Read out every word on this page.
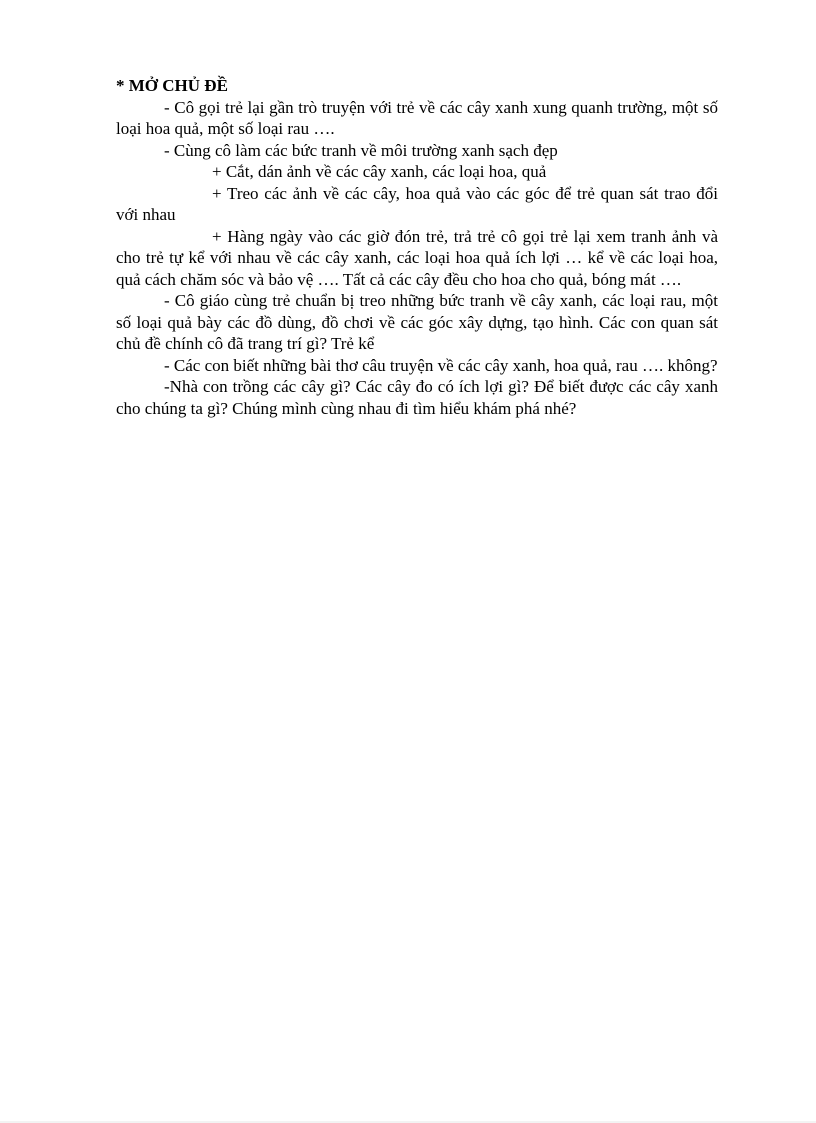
* MỞ CHỦ ĐỀ

- Cô gọi trẻ lại gần trò truyện với trẻ về các cây xanh xung quanh trường, một số loại hoa quả, một số loại rau ….

- Cùng cô làm các bức tranh về môi trường xanh sạch đẹp

+ Cắt, dán ảnh về các cây xanh, các loại hoa, quả

+ Treo các ảnh về các cây, hoa quả vào các góc để trẻ quan sát trao đổi với nhau

+ Hàng ngày vào các giờ đón trẻ, trả trẻ cô gọi trẻ lại xem tranh ảnh và cho trẻ tự kể với nhau về các cây xanh, các loại hoa quả ích lợi … kể về các loại hoa, quả cách chăm sóc và bảo vệ …. Tất cả các cây đều cho hoa cho quả, bóng mát ….

- Cô giáo cùng trẻ chuẩn bị treo những bức tranh về cây xanh, các loại rau, một số loại quả bày các đồ dùng, đồ chơi về các góc xây dựng, tạo hình. Các con quan sát chủ đề chính cô đã trang trí gì? Trẻ kể

- Các con biết những bài thơ câu truyện về các cây xanh, hoa quả, rau …. không?

-Nhà con trồng các cây gì? Các cây đo có ích lợi gì? Để biết được các cây xanh cho chúng ta gì? Chúng mình cùng nhau đi tìm hiểu khám phá nhé?
